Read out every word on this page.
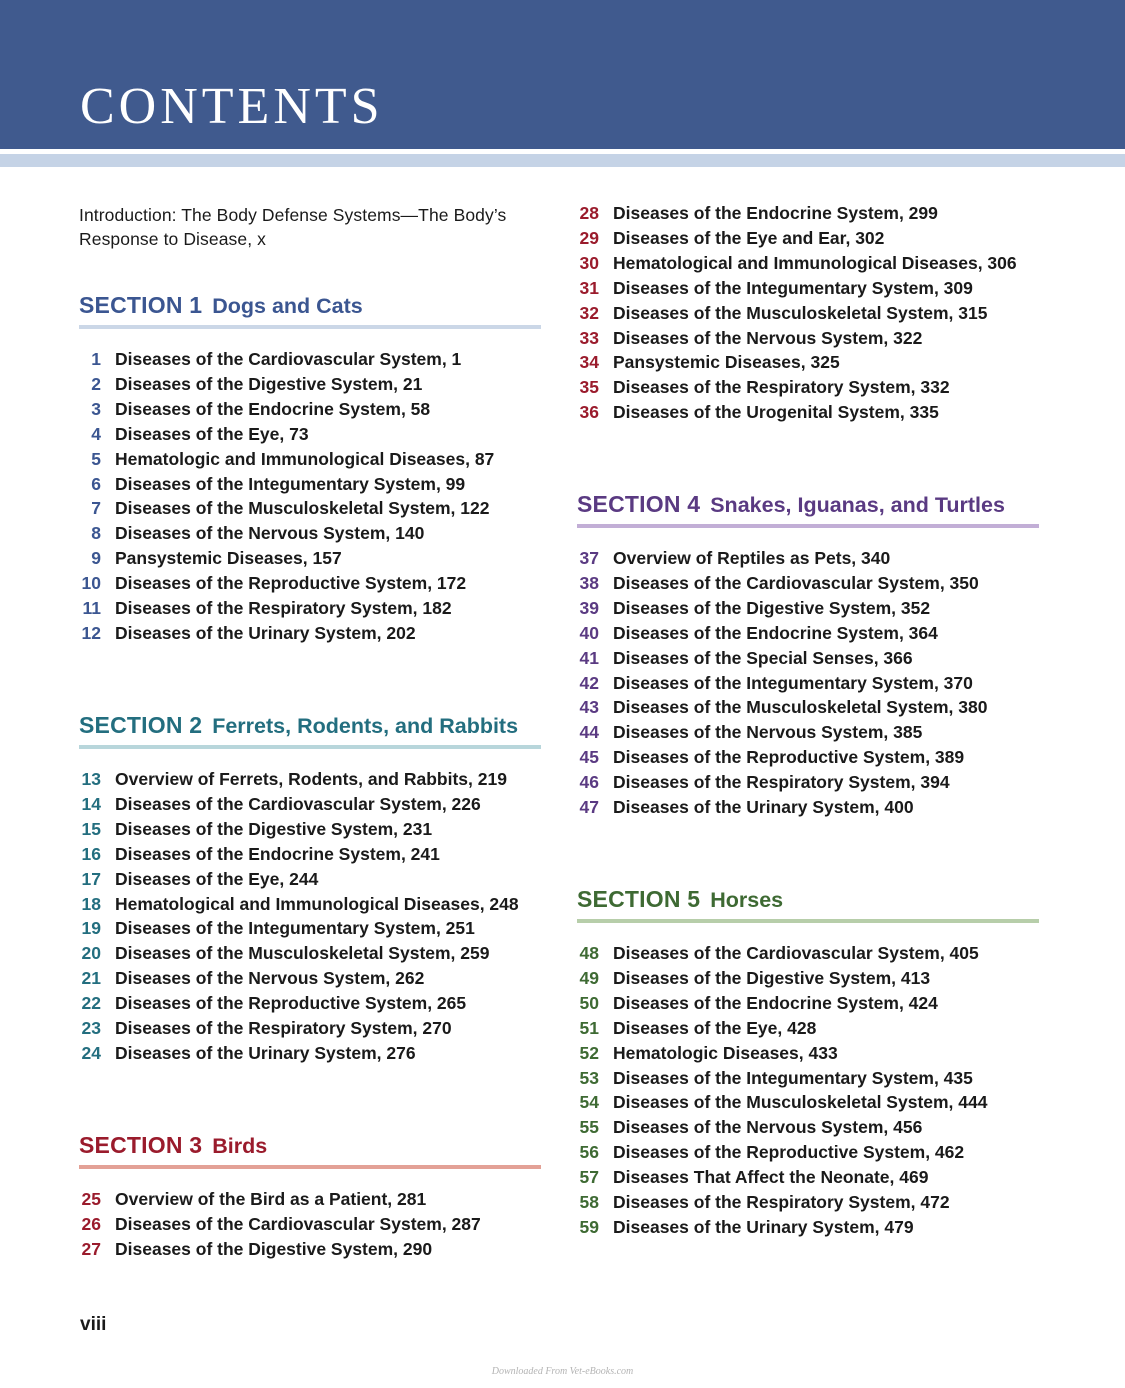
CONTENTS

Introduction: The Body Defense Systems—The Body’s Response to Disease, x

SECTION 1 Dogs and Cats
1 Diseases of the Cardiovascular System, 1
2 Diseases of the Digestive System, 21
3 Diseases of the Endocrine System, 58
4 Diseases of the Eye, 73
5 Hematologic and Immunological Diseases, 87
6 Diseases of the Integumentary System, 99
7 Diseases of the Musculoskeletal System, 122
8 Diseases of the Nervous System, 140
9 Pansystemic Diseases, 157
10 Diseases of the Reproductive System, 172
11 Diseases of the Respiratory System, 182
12 Diseases of the Urinary System, 202
SECTION 2 Ferrets, Rodents, and Rabbits
13 Overview of Ferrets, Rodents, and Rabbits, 219
14 Diseases of the Cardiovascular System, 226
15 Diseases of the Digestive System, 231
16 Diseases of the Endocrine System, 241
17 Diseases of the Eye, 244
18 Hematological and Immunological Diseases, 248
19 Diseases of the Integumentary System, 251
20 Diseases of the Musculoskeletal System, 259
21 Diseases of the Nervous System, 262
22 Diseases of the Reproductive System, 265
23 Diseases of the Respiratory System, 270
24 Diseases of the Urinary System, 276
SECTION 3 Birds
25 Overview of the Bird as a Patient, 281
26 Diseases of the Cardiovascular System, 287
27 Diseases of the Digestive System, 290
28 Diseases of the Endocrine System, 299
29 Diseases of the Eye and Ear, 302
30 Hematological and Immunological Diseases, 306
31 Diseases of the Integumentary System, 309
32 Diseases of the Musculoskeletal System, 315
33 Diseases of the Nervous System, 322
34 Pansystemic Diseases, 325
35 Diseases of the Respiratory System, 332
36 Diseases of the Urogenital System, 335
SECTION 4 Snakes, Iguanas, and Turtles
37 Overview of Reptiles as Pets, 340
38 Diseases of the Cardiovascular System, 350
39 Diseases of the Digestive System, 352
40 Diseases of the Endocrine System, 364
41 Diseases of the Special Senses, 366
42 Diseases of the Integumentary System, 370
43 Diseases of the Musculoskeletal System, 380
44 Diseases of the Nervous System, 385
45 Diseases of the Reproductive System, 389
46 Diseases of the Respiratory System, 394
47 Diseases of the Urinary System, 400
SECTION 5 Horses
48 Diseases of the Cardiovascular System, 405
49 Diseases of the Digestive System, 413
50 Diseases of the Endocrine System, 424
51 Diseases of the Eye, 428
52 Hematologic Diseases, 433
53 Diseases of the Integumentary System, 435
54 Diseases of the Musculoskeletal System, 444
55 Diseases of the Nervous System, 456
56 Diseases of the Reproductive System, 462
57 Diseases That Affect the Neonate, 469
58 Diseases of the Respiratory System, 472
59 Diseases of the Urinary System, 479
viii
Downloaded From Vet-eBooks.com
